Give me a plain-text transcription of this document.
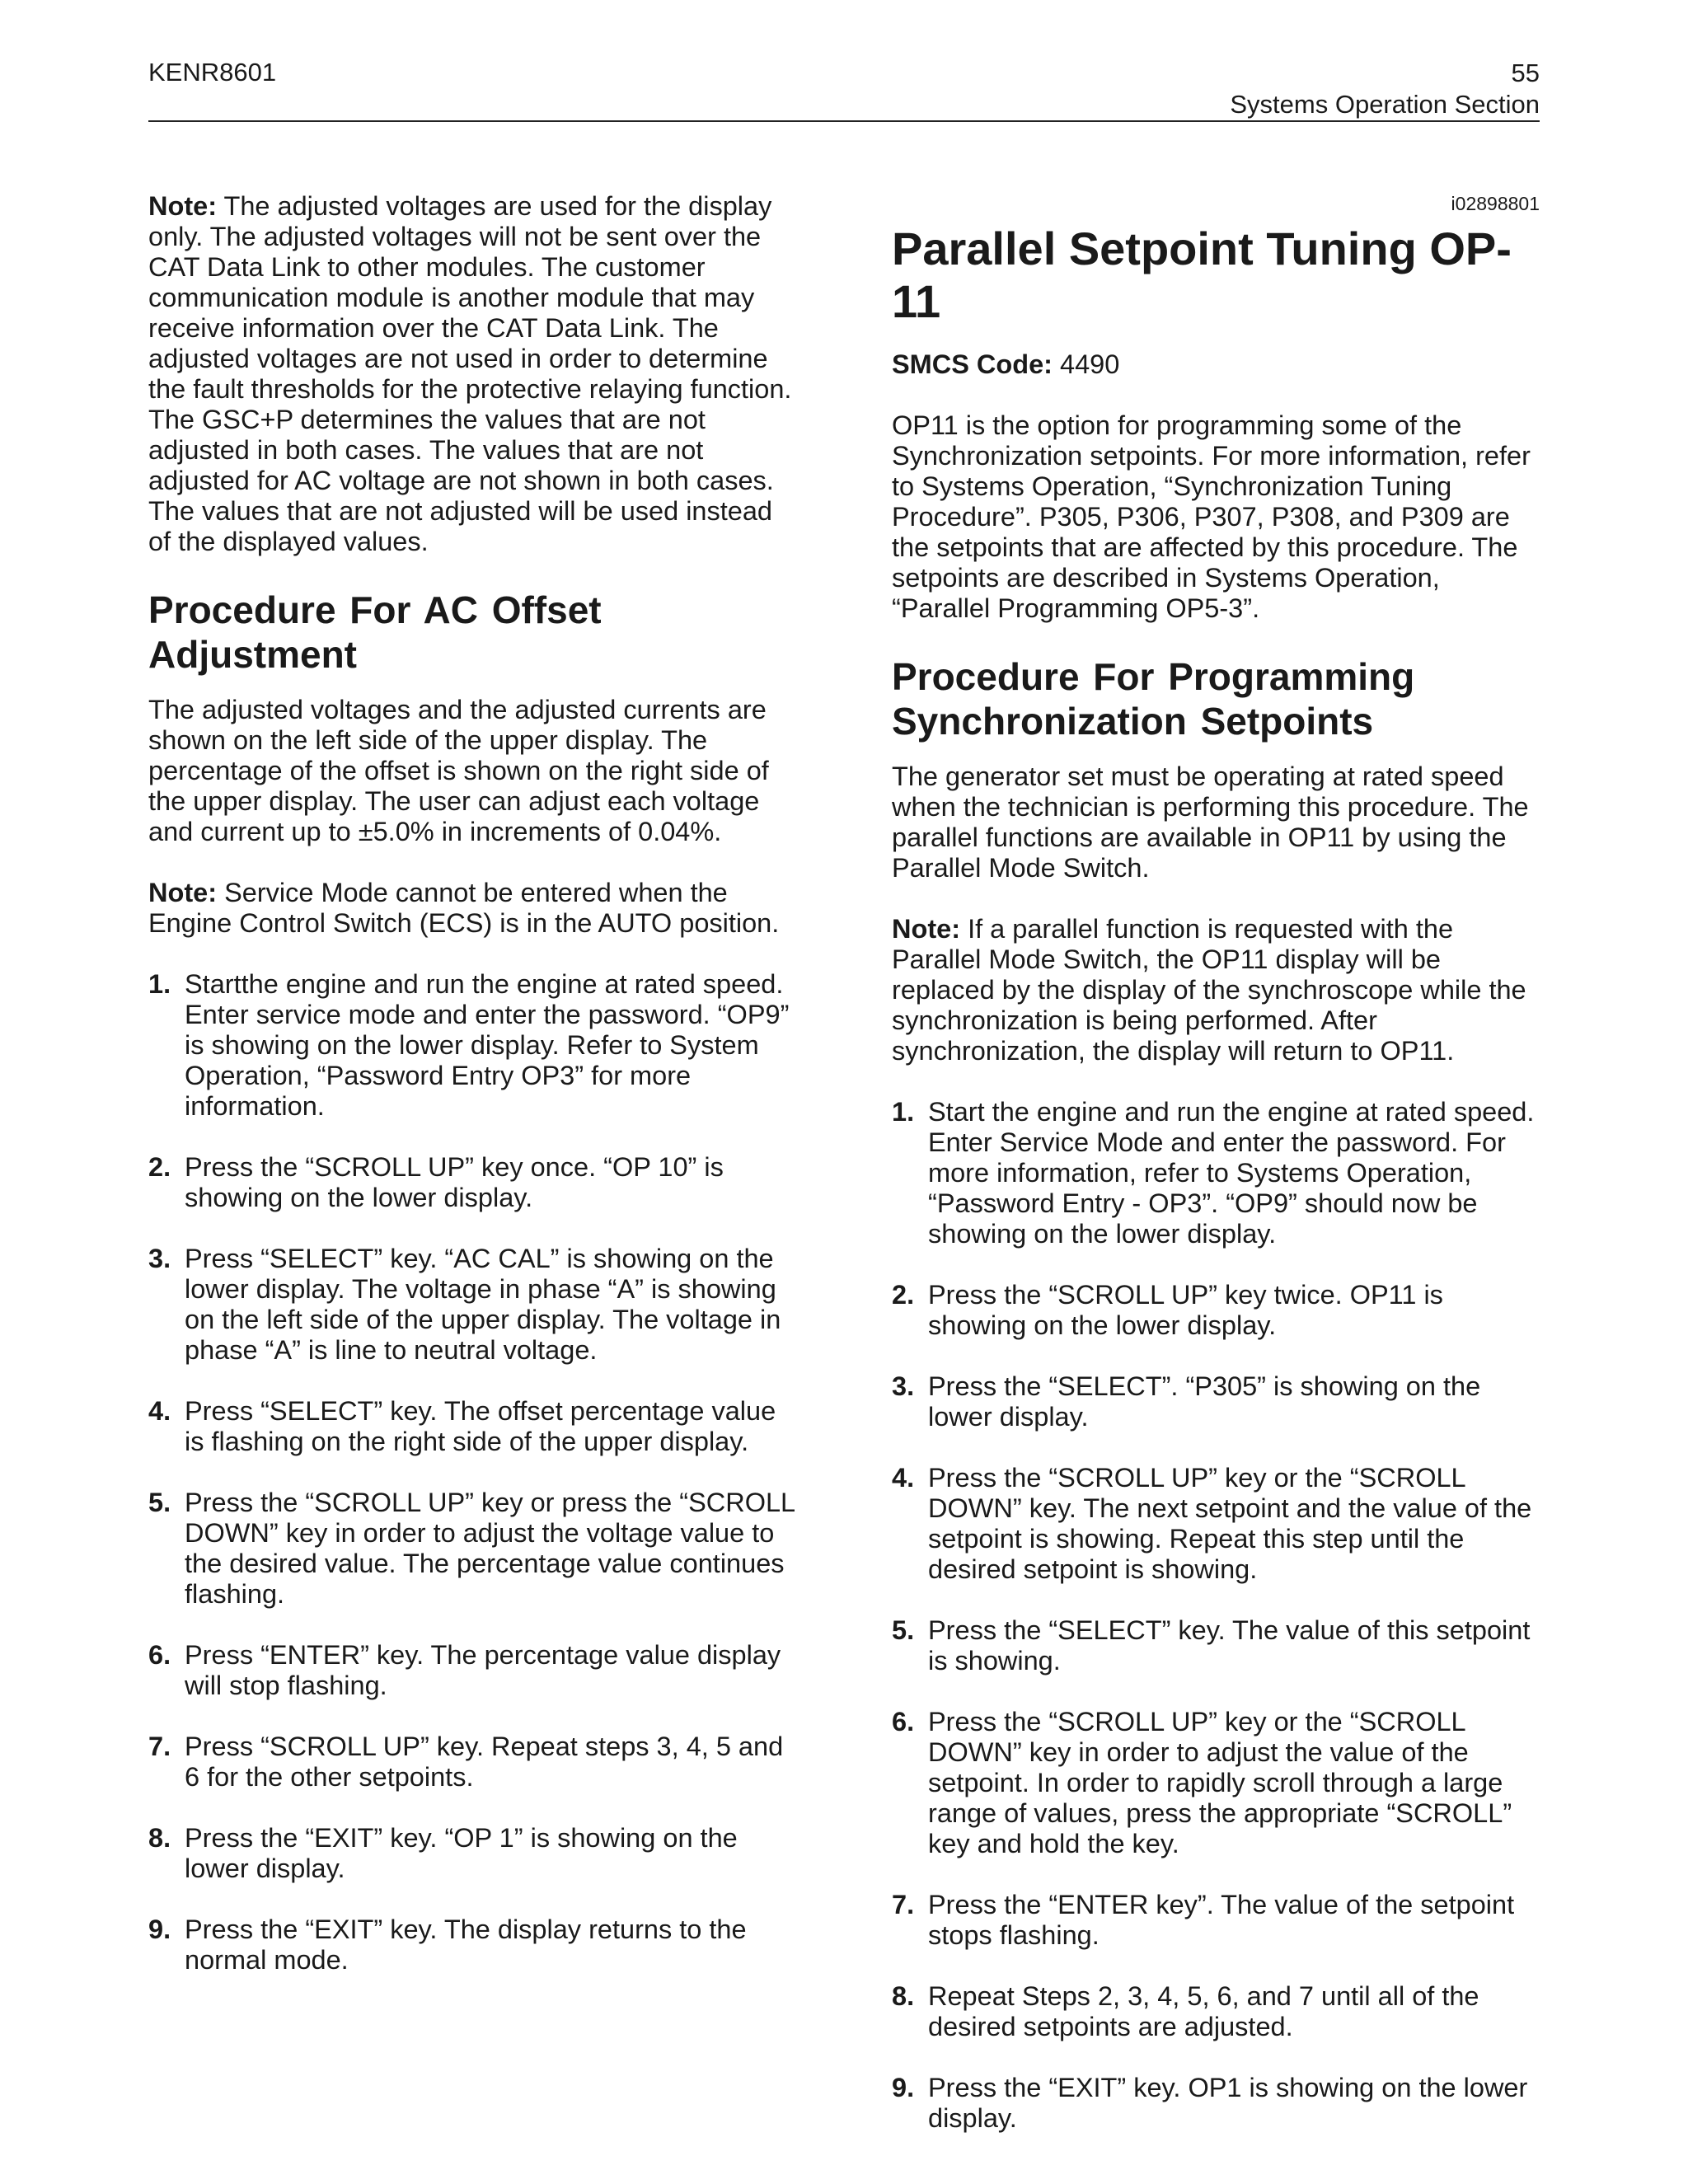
KENR8601	55
Systems Operation Section

Note: The adjusted voltages are used for the display only. The adjusted voltages will not be sent over the CAT Data Link to other modules. The customer communication module is another module that may receive information over the CAT Data Link. The adjusted voltages are not used in order to determine the fault thresholds for the protective relaying function. The GSC+P determines the values that are not adjusted in both cases. The values that are not adjusted for AC voltage are not shown in both cases. The values that are not adjusted will be used instead of the displayed values.

Procedure For AC Offset Adjustment

The adjusted voltages and the adjusted currents are shown on the left side of the upper display. The percentage of the offset is shown on the right side of the upper display. The user can adjust each voltage and current up to ±5.0% in increments of 0.04%.

Note: Service Mode cannot be entered when the Engine Control Switch (ECS) is in the AUTO position.

1. Startthe engine and run the engine at rated speed. Enter service mode and enter the password. “OP9” is showing on the lower display. Refer to System Operation, “Password Entry OP3” for more information.
2. Press the “SCROLL UP” key once. “OP 10” is showing on the lower display.
3. Press “SELECT” key. “AC CAL” is showing on the lower display. The voltage in phase “A” is showing on the left side of the upper display. The voltage in phase “A” is line to neutral voltage.
4. Press “SELECT” key. The offset percentage value is flashing on the right side of the upper display.
5. Press the “SCROLL UP” key or press the “SCROLL DOWN” key in order to adjust the voltage value to the desired value. The percentage value continues flashing.
6. Press “ENTER” key. The percentage value display will stop flashing.
7. Press “SCROLL UP” key. Repeat steps 3, 4, 5 and 6 for the other setpoints.
8. Press the “EXIT” key. “OP 1” is showing on the lower display.
9. Press the “EXIT” key. The display returns to the normal mode.
i02898801
Parallel Setpoint Tuning OP-11

SMCS Code: 4490

OP11 is the option for programming some of the Synchronization setpoints. For more information, refer to Systems Operation, “Synchronization Tuning Procedure”. P305, P306, P307, P308, and P309 are the setpoints that are affected by this procedure. The setpoints are described in Systems Operation, “Parallel Programming OP5-3”.

Procedure For Programming Synchronization Setpoints

The generator set must be operating at rated speed when the technician is performing this procedure. The parallel functions are available in OP11 by using the Parallel Mode Switch.

Note: If a parallel function is requested with the Parallel Mode Switch, the OP11 display will be replaced by the display of the synchroscope while the synchronization is being performed. After synchronization, the display will return to OP11.

1. Start the engine and run the engine at rated speed. Enter Service Mode and enter the password. For more information, refer to Systems Operation, “Password Entry - OP3”. “OP9” should now be showing on the lower display.
2. Press the “SCROLL UP” key twice. OP11 is showing on the lower display.
3. Press the “SELECT”. “P305” is showing on the lower display.
4. Press the “SCROLL UP” key or the “SCROLL DOWN” key. The next setpoint and the value of the setpoint is showing. Repeat this step until the desired setpoint is showing.
5. Press the “SELECT” key. The value of this setpoint is showing.
6. Press the “SCROLL UP” key or the “SCROLL DOWN” key in order to adjust the value of the setpoint. In order to rapidly scroll through a large range of values, press the appropriate “SCROLL” key and hold the key.
7. Press the “ENTER key”. The value of the setpoint stops flashing.
8. Repeat Steps 2, 3, 4, 5, 6, and 7 until all of the desired setpoints are adjusted.
9. Press the “EXIT” key. OP1 is showing on the lower display.
